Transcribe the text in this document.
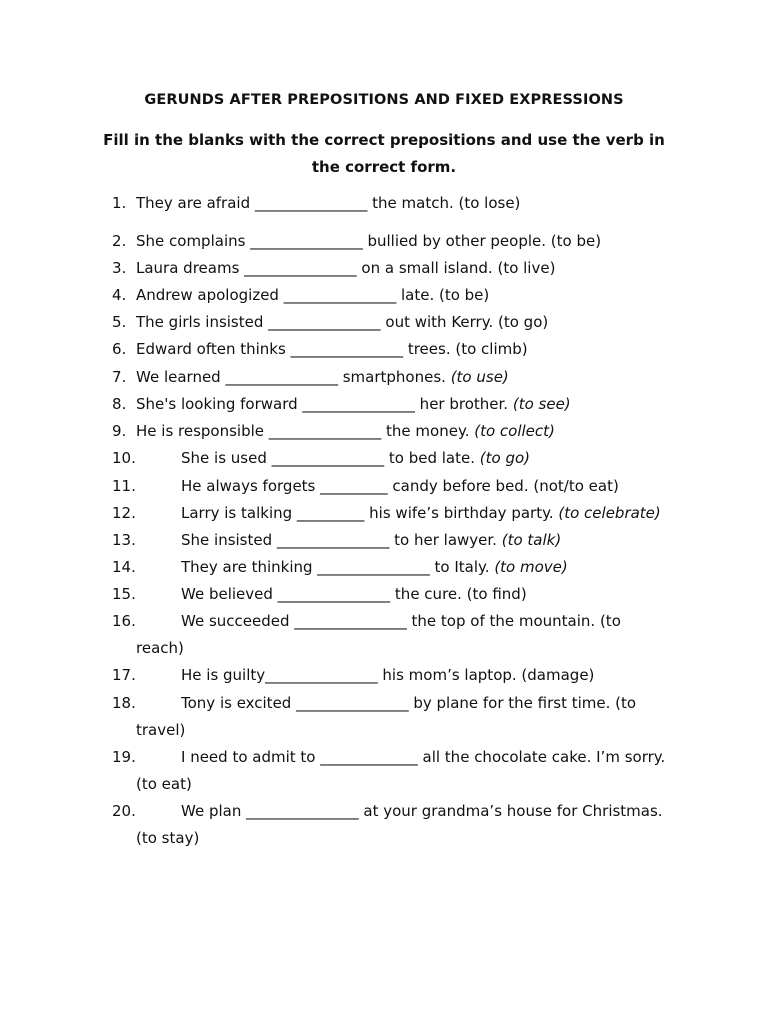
GERUNDS AFTER PREPOSITIONS AND FIXED EXPRESSIONS
Fill in the blanks with the correct prepositions and use the verb in the correct form.
1. They are afraid _______________ the match. (to lose)
2. She complains _______________ bullied by other people. (to be)
3. Laura dreams _______________ on a small island. (to live)
4. Andrew apologized _______________ late. (to be)
5. The girls insisted _______________ out with Kerry. (to go)
6. Edward often thinks _______________ trees. (to climb)
7. We learned _______________ smartphones. (to use)
8. She's looking forward _______________ her brother. (to see)
9. He is responsible _______________ the money. (to collect)
10.	She is used _______________ to bed late. (to go)
11.	He always forgets _________ candy before bed. (not/to eat)
12.	Larry is talking _________ his wife’s birthday party. (to celebrate)
13.	She insisted _______________ to her lawyer. (to talk)
14.	They are thinking _______________ to Italy. (to move)
15.	We believed _______________ the cure. (to find)
16.	We succeeded _______________ the top of the mountain. (to
reach)
17.	He is guilty_______________ his mom’s laptop. (damage)
18.	Tony is excited _______________ by plane for the first time. (to
travel)
19.	I need to admit to _____________ all the chocolate cake. I’m sorry.
(to eat)
20.	We plan _______________ at your grandma’s house for Christmas.
(to stay)
